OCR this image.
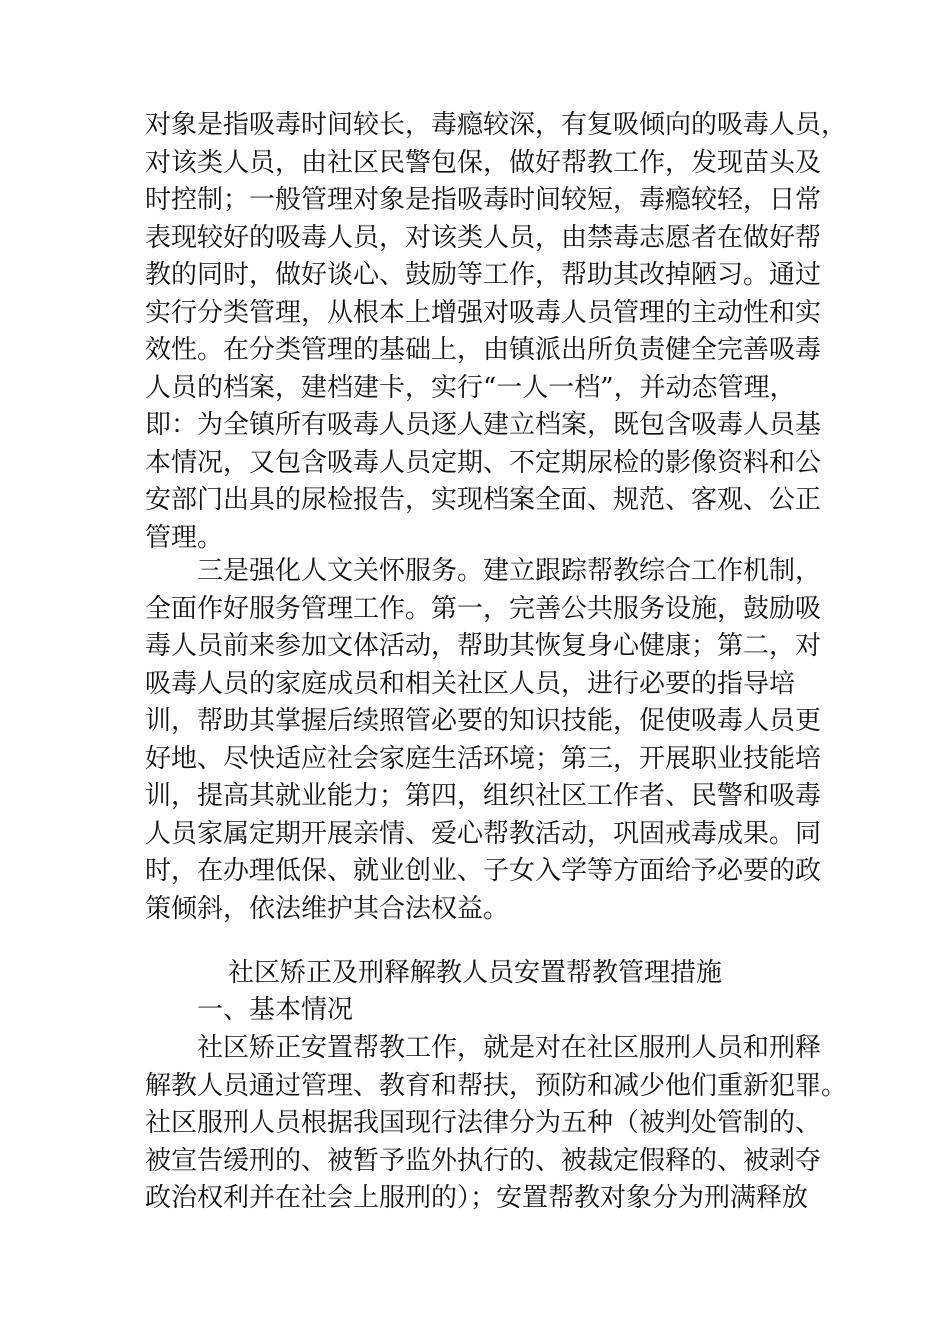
对象是指吸毒时间较长，毒瘾较深，有复吸倾向的吸毒人员，
对该类人员，由社区民警包保，做好帮教工作，发现苗头及
时控制；一般管理对象是指吸毒时间较短，毒瘾较轻，日常
表现较好的吸毒人员，对该类人员，由禁毒志愿者在做好帮
教的同时，做好谈心、鼓励等工作，帮助其改掉陋习。通过
实行分类管理，从根本上增强对吸毒人员管理的主动性和实
效性。在分类管理的基础上，由镇派出所负责健全完善吸毒
人员的档案，建档建卡，实行“一人一档”，并动态管理，
即：为全镇所有吸毒人员逐人建立档案，既包含吸毒人员基
本情况，又包含吸毒人员定期、不定期尿检的影像资料和公
安部门出具的尿检报告，实现档案全面、规范、客观、公正
管理。
三是强化人文关怀服务。建立跟踪帮教综合工作机制，
全面作好服务管理工作。第一，完善公共服务设施，鼓励吸
毒人员前来参加文体活动，帮助其恢复身心健康；第二，对
吸毒人员的家庭成员和相关社区人员，进行必要的指导培
训，帮助其掌握后续照管必要的知识技能，促使吸毒人员更
好地、尽快适应社会家庭生活环境；第三，开展职业技能培
训，提高其就业能力；第四，组织社区工作者、民警和吸毒
人员家属定期开展亲情、爱心帮教活动，巩固戒毒成果。同
时，在办理低保、就业创业、子女入学等方面给予必要的政
策倾斜，依法维护其合法权益。
社区矫正及刑释解教人员安置帮教管理措施
一、基本情况
社区矫正安置帮教工作，就是对在社区服刑人员和刑释
解教人员通过管理、教育和帮扶，预防和减少他们重新犯罪。
社区服刑人员根据我国现行法律分为五种（被判处管制的、
被宣告缓刑的、被暂予监外执行的、被裁定假释的、被剥夺
政治权利并在社会上服刑的）；安置帮教对象分为刑满释放
